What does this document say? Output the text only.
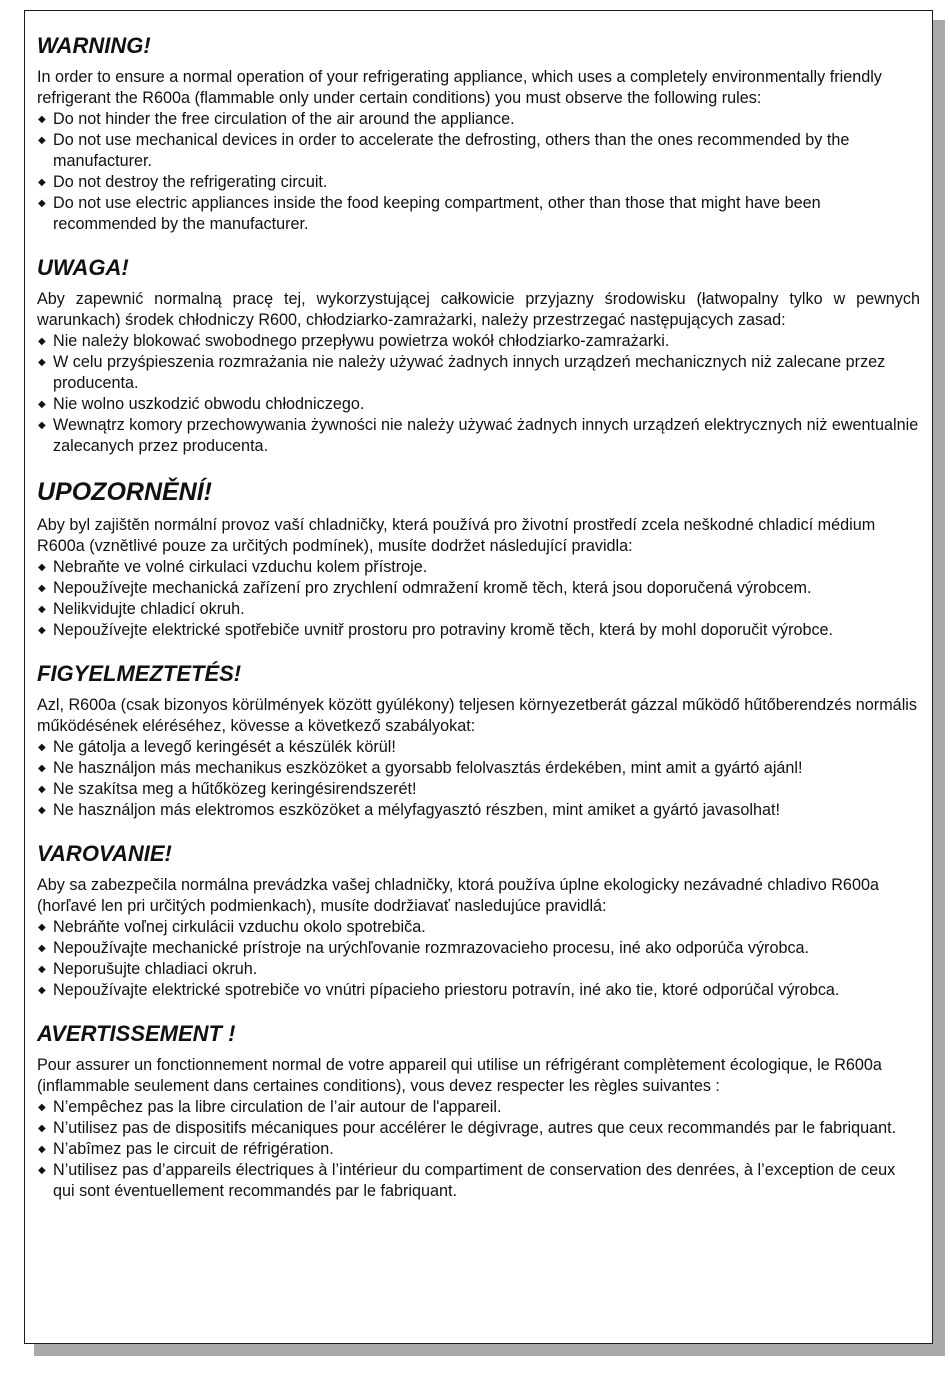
WARNING!

In order to ensure a normal operation of your refrigerating appliance, which uses a completely environmentally friendly refrigerant the R600a (flammable only under certain conditions) you must observe the following rules:

◆ Do not hinder the free circulation of the air around the appliance.
◆ Do not use mechanical devices in order to accelerate the defrosting, others than the ones recommended by the manufacturer.
◆ Do not destroy the refrigerating circuit.
◆ Do not use electric appliances inside the food keeping compartment, other than those that might have been recommended by the manufacturer.
UWAGA!

Aby zapewnić normalną pracę tej, wykorzystującej całkowicie przyjazny środowisku (łatwopalny tylko w pewnych warunkach) środek chłodniczy R600, chłodziarko-zamrażarki, należy przestrzegać następujących zasad:

◆ Nie należy blokować swobodnego przepływu powietrza wokół chłodziarko-zamrażarki.
◆ W celu przyśpieszenia rozmrażania nie należy używać żadnych innych urządzeń mechanicznych niż zalecane przez producenta.
◆ Nie wolno uszkodzić obwodu chłodniczego.
◆ Wewnątrz komory przechowywania żywności nie należy używać żadnych innych urządzeń elektrycznych niż ewentualnie zalecanych przez producenta.
UPOZORNĚNÍ!

Aby byl zajištěn normální provoz vaší chladničky, která používá pro životní prostředí zcela neškodné chladicí médium R600a (vznětlivé pouze za určitých podmínek), musíte dodržet následující pravidla:

◆ Nebraňte ve volné cirkulaci vzduchu kolem přístroje.
◆ Nepoužívejte mechanická zařízení pro zrychlení odmražení kromě těch, která jsou doporučená výrobcem.
◆ Nelikvidujte chladicí okruh.
◆ Nepoužívejte elektrické spotřebiče uvnitř prostoru pro potraviny kromě těch, která by mohl doporučit výrobce.
FIGYELMEZTETÉS!

Azl, R600a (csak bizonyos körülmények között gyúlékony) teljesen környezetberát gázzal működő hűtőberendzés normális működésének eléréséhez, kövesse a következő szabályokat:

◆ Ne gátolja a levegő keringését a készülék körül!
◆ Ne használjon más mechanikus eszközöket a gyorsabb felolvasztás érdekében, mint amit a gyártó ajánl!
◆ Ne szakítsa meg a hűtőközeg keringésirendszerét!
◆ Ne használjon más elektromos eszközöket a mélyfagyasztó részben, mint amiket a gyártó javasolhat!
VAROVANIE!

Aby sa zabezpečila normálna prevádzka vašej chladničky, ktorá používa úplne ekologicky nezávadné chladivo R600a (horľavé len pri určitých podmienkach), musíte dodržiavať nasledujúce pravidlá:

◆ Nebráňte voľnej cirkulácii vzduchu okolo spotrebiča.
◆ Nepoužívajte mechanické prístroje na urýchľovanie rozmrazovacieho procesu, iné ako odporúča výrobca.
◆ Neporušujte chladiaci okruh.
◆ Nepoužívajte elektrické spotrebiče vo vnútri pípacieho priestoru potravín, iné ako tie, ktoré odporúčal výrobca.
AVERTISSEMENT !

Pour assurer un fonctionnement normal de votre appareil qui utilise un réfrigérant complètement écologique, le R600a (inflammable seulement dans certaines conditions), vous devez respecter les règles suivantes :

◆ N’empêchez pas la libre circulation de l’air autour de l'appareil.
◆ N’utilisez pas de dispositifs mécaniques pour accélérer le dégivrage, autres que ceux recommandés par le fabriquant.
◆ N’abîmez pas le circuit de réfrigération.
◆ N’utilisez pas d’appareils électriques à l’intérieur du compartiment de conservation des denrées, à l’exception de ceux qui sont éventuellement recommandés par le fabriquant.
